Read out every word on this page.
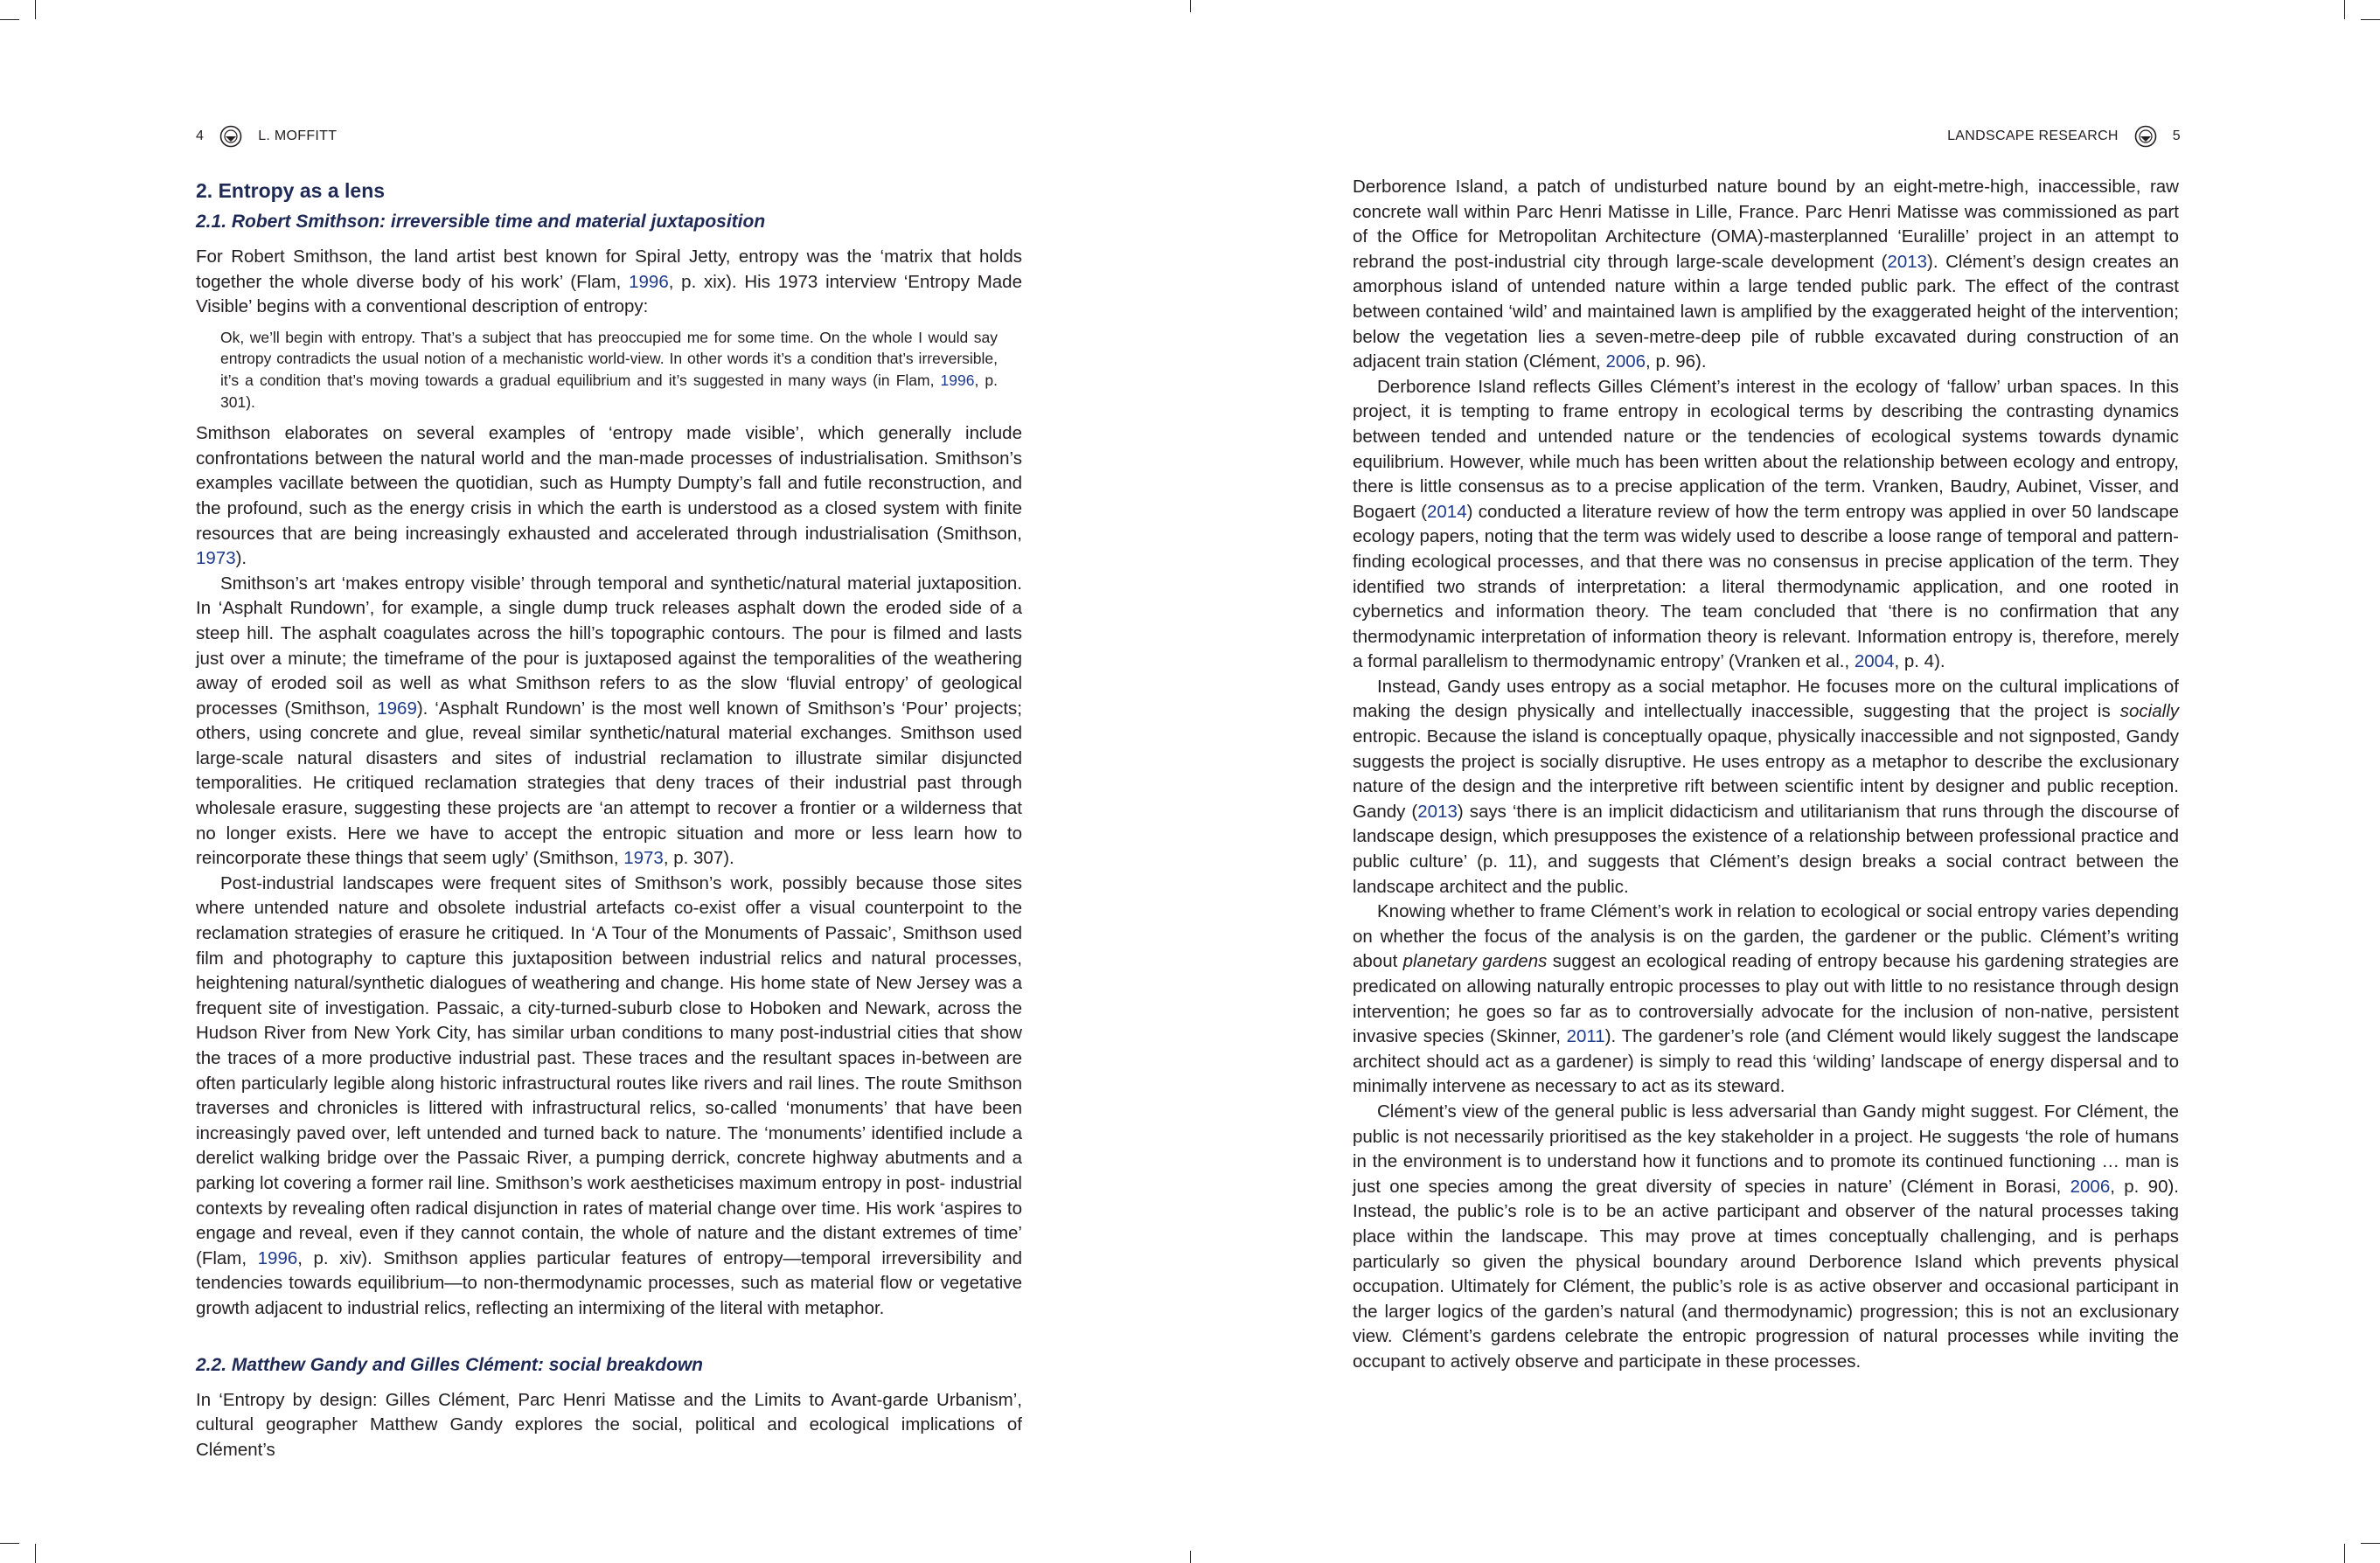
4	L. MOFFITT
2. Entropy as a lens
2.1. Robert Smithson: irreversible time and material juxtaposition

For Robert Smithson, the land artist best known for Spiral Jetty, entropy was the ‘matrix that holds together the whole diverse body of his work’ (Flam, 1996, p. xix). His 1973 interview ‘Entropy Made Visible’ begins with a conventional description of entropy:

Ok, we’ll begin with entropy. That’s a subject that has preoccupied me for some time. On the whole I would say entropy contradicts the usual notion of a mechanistic world-view. In other words it’s a condition that’s irreversible, it’s a condition that’s moving towards a gradual equilibrium and it’s suggested in many ways (in Flam, 1996, p. 301).

Smithson elaborates on several examples of ‘entropy made visible’, which generally include confrontations between the natural world and the man-made processes of industrialisation. Smithson’s examples vacillate between the quotidian, such as Humpty Dumpty’s fall and futile reconstruction, and the profound, such as the energy crisis in which the earth is understood as a closed system with finite resources that are being increasingly exhausted and accelerated through industrialisation (Smithson, 1973).

Smithson’s art ‘makes entropy visible’ through temporal and synthetic/natural material juxtaposition. In ‘Asphalt Rundown’, for example, a single dump truck releases asphalt down the eroded side of a steep hill. The asphalt coagulates across the hill’s topographic contours. The pour is filmed and lasts just over a minute; the timeframe of the pour is juxtaposed against the temporalities of the weathering away of eroded soil as well as what Smithson refers to as the slow ‘fluvial entropy’ of geological processes (Smithson, 1969). ‘Asphalt Rundown’ is the most well known of Smithson’s ‘Pour’ projects; others, using concrete and glue, reveal similar synthetic/natural material exchanges. Smithson used large-scale natural disasters and sites of industrial reclamation to illustrate similar disjuncted temporalities. He critiqued reclamation strategies that deny traces of their industrial past through wholesale erasure, suggesting these projects are ‘an attempt to recover a frontier or a wilderness that no longer exists. Here we have to accept the entropic situation and more or less learn how to reincorporate these things that seem ugly’ (Smithson, 1973, p. 307).

Post-industrial landscapes were frequent sites of Smithson’s work, possibly because those sites where untended nature and obsolete industrial artefacts co-exist offer a visual counterpoint to the reclamation strategies of erasure he critiqued. In ‘A Tour of the Monuments of Passaic’, Smithson used film and photography to capture this juxtaposition between industrial relics and natural processes, heightening natural/synthetic dialogues of weathering and change. His home state of New Jersey was a frequent site of investigation. Passaic, a city-turned-suburb close to Hoboken and Newark, across the Hudson River from New York City, has similar urban conditions to many post-industrial cities that show the traces of a more productive industrial past. These traces and the resultant spaces in-between are often particularly legible along historic infrastructural routes like rivers and rail lines. The route Smithson traverses and chronicles is littered with infrastructural relics, so-called ‘monuments’ that have been increasingly paved over, left untended and turned back to nature. The ‘monuments’ identified include a derelict walking bridge over the Passaic River, a pumping derrick, concrete highway abutments and a parking lot covering a former rail line. Smithson’s work aestheticises maximum entropy in post- industrial contexts by revealing often radical disjunction in rates of material change over time. His work ‘aspires to engage and reveal, even if they cannot contain, the whole of nature and the distant extremes of time’ (Flam, 1996, p. xiv). Smithson applies particular features of entropy—temporal irreversibility and tendencies towards equilibrium—to non-thermodynamic processes, such as material flow or vegetative growth adjacent to industrial relics, reflecting an intermixing of the literal with metaphor.

2.2. Matthew Gandy and Gilles Clément: social breakdown

In ‘Entropy by design: Gilles Clément, Parc Henri Matisse and the Limits to Avant-garde Urbanism’, cultural geographer Matthew Gandy explores the social, political and ecological implications of Clément’s

LANDSCAPE RESEARCH	5

Derborence Island, a patch of undisturbed nature bound by an eight-metre-high, inaccessible, raw concrete wall within Parc Henri Matisse in Lille, France. Parc Henri Matisse was commissioned as part of the Office for Metropolitan Architecture (OMA)-masterplanned ‘Euralille’ project in an attempt to rebrand the post-industrial city through large-scale development (2013). Clément’s design creates an amorphous island of untended nature within a large tended public park. The effect of the contrast between contained ‘wild’ and maintained lawn is amplified by the exaggerated height of the intervention; below the vegetation lies a seven-metre-deep pile of rubble excavated during construction of an adjacent train station (Clément, 2006, p. 96).

Derborence Island reflects Gilles Clément’s interest in the ecology of ‘fallow’ urban spaces. In this project, it is tempting to frame entropy in ecological terms by describing the contrasting dynamics between tended and untended nature or the tendencies of ecological systems towards dynamic equilibrium. However, while much has been written about the relationship between ecology and entropy, there is little consensus as to a precise application of the term. Vranken, Baudry, Aubinet, Visser, and Bogaert (2014) conducted a literature review of how the term entropy was applied in over 50 landscape ecology papers, noting that the term was widely used to describe a loose range of temporal and pattern-finding ecological processes, and that there was no consensus in precise application of the term. They identified two strands of interpretation: a literal thermodynamic application, and one rooted in cybernetics and information theory. The team concluded that ‘there is no confirmation that any thermodynamic interpretation of information theory is relevant. Information entropy is, therefore, merely a formal parallelism to thermodynamic entropy’ (Vranken et al., 2004, p. 4).

Instead, Gandy uses entropy as a social metaphor. He focuses more on the cultural implications of making the design physically and intellectually inaccessible, suggesting that the project is socially entropic. Because the island is conceptually opaque, physically inaccessible and not signposted, Gandy suggests the project is socially disruptive. He uses entropy as a metaphor to describe the exclusionary nature of the design and the interpretive rift between scientific intent by designer and public reception. Gandy (2013) says ‘there is an implicit didacticism and utilitarianism that runs through the discourse of landscape design, which presupposes the existence of a relationship between professional practice and public culture’ (p. 11), and suggests that Clément’s design breaks a social contract between the landscape architect and the public.

Knowing whether to frame Clément’s work in relation to ecological or social entropy varies depending on whether the focus of the analysis is on the garden, the gardener or the public. Clément’s writing about planetary gardens suggest an ecological reading of entropy because his gardening strategies are predicated on allowing naturally entropic processes to play out with little to no resistance through design intervention; he goes so far as to controversially advocate for the inclusion of non-native, persistent invasive species (Skinner, 2011). The gardener’s role (and Clément would likely suggest the landscape architect should act as a gardener) is simply to read this ‘wilding’ landscape of energy dispersal and to minimally intervene as necessary to act as its steward.

Clément’s view of the general public is less adversarial than Gandy might suggest. For Clément, the public is not necessarily prioritised as the key stakeholder in a project. He suggests ‘the role of humans in the environment is to understand how it functions and to promote its continued functioning … man is just one species among the great diversity of species in nature’ (Clément in Borasi, 2006, p. 90). Instead, the public’s role is to be an active participant and observer of the natural processes taking place within the landscape. This may prove at times conceptually challenging, and is perhaps particularly so given the physical boundary around Derborence Island which prevents physical occupation. Ultimately for Clément, the public’s role is as active observer and occasional participant in the larger logics of the garden’s natural (and thermodynamic) progression; this is not an exclusionary view. Clément’s gardens celebrate the entropic progression of natural processes while inviting the occupant to actively observe and participate in these processes.
